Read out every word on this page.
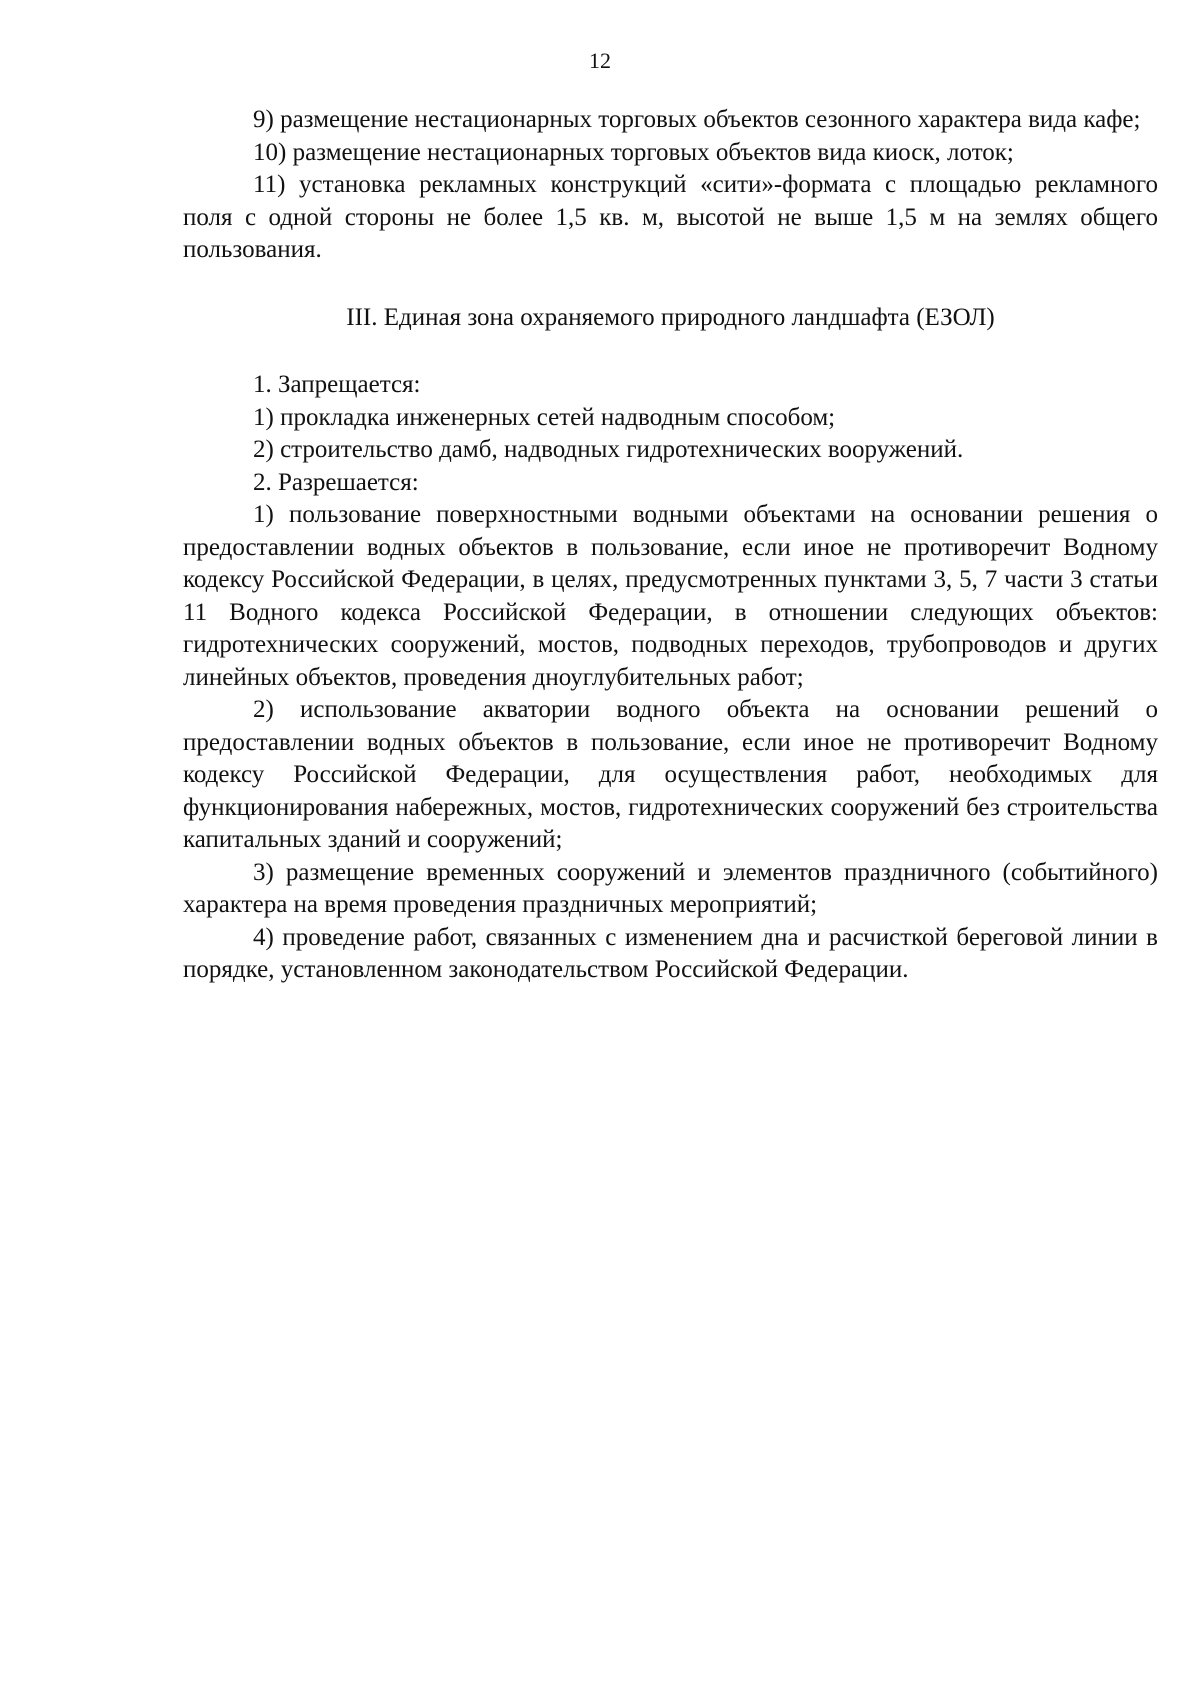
12

9) размещение нестационарных торговых объектов сезонного характера вида кафе;

10) размещение нестационарных торговых объектов вида киоск, лоток;

11) установка рекламных конструкций «сити»-формата с площадью рекламного поля с одной стороны не более 1,5 кв. м, высотой не выше 1,5 м на землях общего пользования.

III. Единая зона охраняемого природного ландшафта (ЕЗОЛ)

1. Запрещается:

1) прокладка инженерных сетей надводным способом;

2) строительство дамб, надводных гидротехнических вооружений.

2. Разрешается:

1) пользование поверхностными водными объектами на основании решения о предоставлении водных объектов в пользование, если иное не противоречит Водному кодексу Российской Федерации, в целях, предусмотренных пунктами 3, 5, 7 части 3 статьи 11 Водного кодекса Российской Федерации, в отношении следующих объектов: гидротехнических сооружений, мостов, подводных переходов, трубопроводов и других линейных объектов, проведения дноуглубительных работ;

2) использование акватории водного объекта на основании решений о предоставлении водных объектов в пользование, если иное не противоречит Водному кодексу Российской Федерации, для осуществления работ, необходимых для функционирования набережных, мостов, гидротехнических сооружений без строительства капитальных зданий и сооружений;

3) размещение временных сооружений и элементов праздничного (событийного) характера на время проведения праздничных мероприятий;

4) проведение работ, связанных с изменением дна и расчисткой береговой линии в порядке, установленном законодательством Российской Федерации.
